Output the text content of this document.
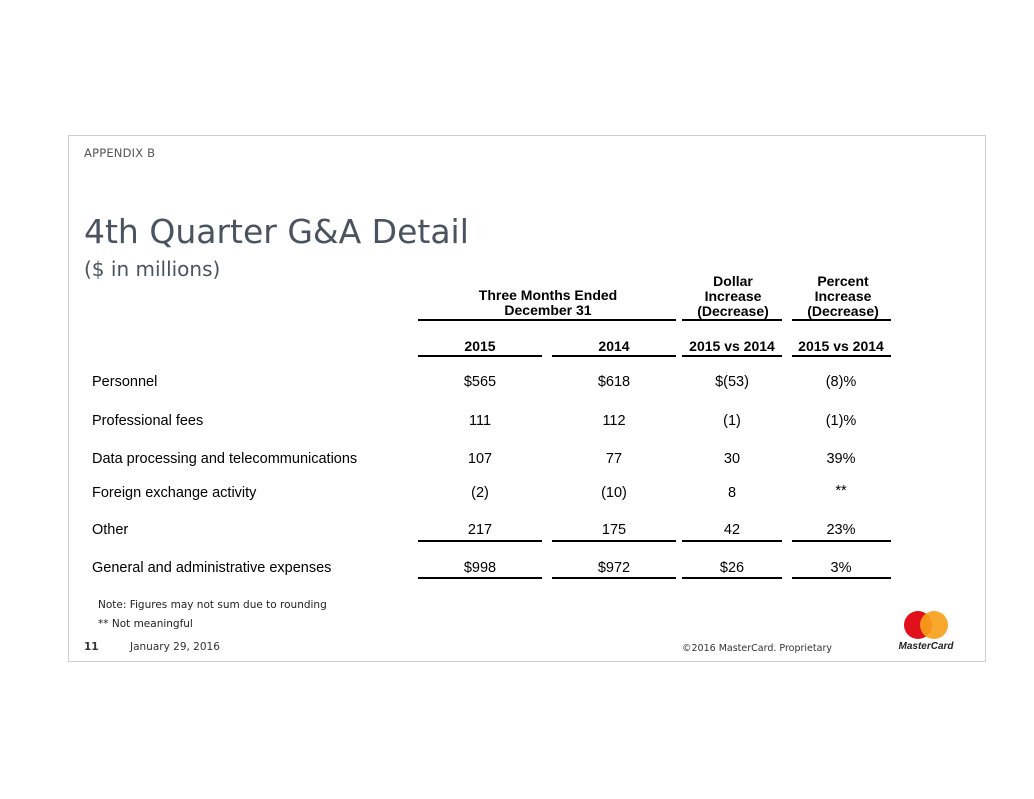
APPENDIX B
4th Quarter G&A Detail
($ in millions)
Three Months Ended
December 31
Dollar
Increase
(Decrease)
Percent
Increase
(Decrease)
2015	2014	2015 vs 2014	2015 vs 2014
Personnel	$565	$618	$(53)	(8)%
Professional fees	111	112	(1)	(1)%
Data processing and telecommunications	107	77	30	39%
Foreign exchange activity	(2)	(10)	8	**
Other	217	175	42	23%
General and administrative expenses	$998	$972	$26	3%
Note: Figures may not sum due to rounding
** Not meaningful
11	January 29, 2016	©2016 MasterCard. Proprietary	MasterCard
